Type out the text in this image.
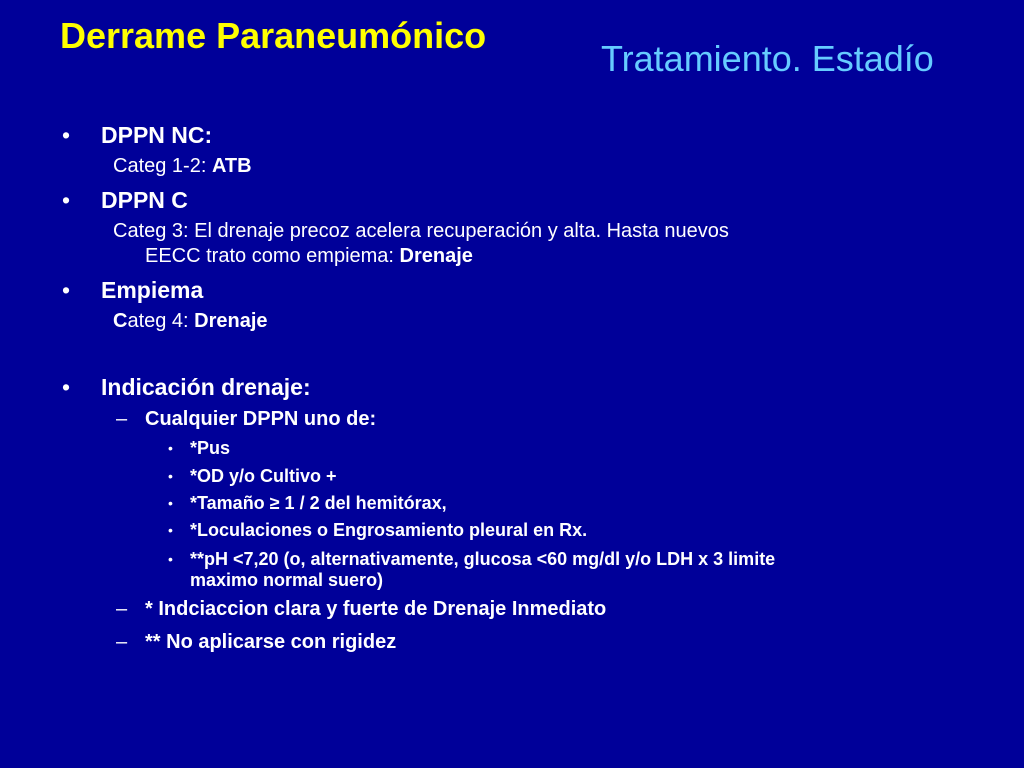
Derrame Paraneumónico
Tratamiento. Estadío
• DPPN NC:
Categ 1-2: ATB
• DPPN C
Categ 3: El drenaje precoz acelera recuperación y alta. Hasta nuevos
EECC trato como empiema: Drenaje
• Empiema
Categ 4: Drenaje
• Indicación drenaje:
– Cualquier DPPN uno de:
• *Pus
• *OD y/o Cultivo +
• *Tamaño ≥ 1 / 2 del hemitórax,
• *Loculaciones o Engrosamiento pleural en Rx.
• **pH <7,20 (o, alternativamente, glucosa <60 mg/dl y/o LDH x 3 limite
maximo normal suero)
– * Indciaccion clara y fuerte de Drenaje Inmediato
– ** No aplicarse con rigidez
